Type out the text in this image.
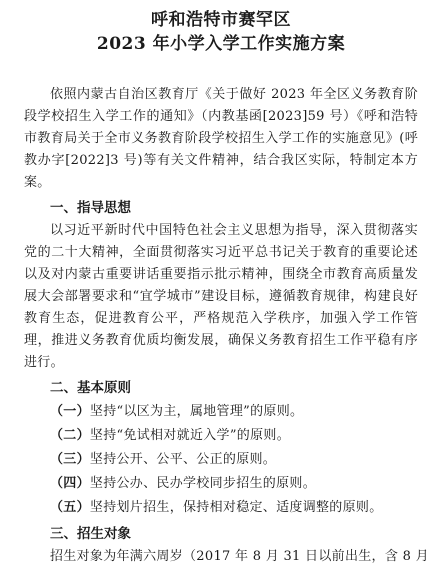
呼和浩特市赛罕区

2023 年小学入学工作实施方案

依照内蒙古自治区教育厅《关于做好 2023 年全区义务教育阶段学校招生入学工作的通知》（内教基函[2023]59 号）《呼和浩特市教育局关于全市义务教育阶段学校招生入学工作的实施意见》(呼教办字[2022]3 号)等有关文件精神，结合我区实际，特制定本方案。

一、指导思想

以习近平新时代中国特色社会主义思想为指导，深入贯彻落实党的二十大精神，全面贯彻落实习近平总书记关于教育的重要论述以及对内蒙古重要讲话重要指示批示精神，围绕全市教育高质量发展大会部署要求和“宜学城市”建设目标，遵循教育规律，构建良好教育生态，促进教育公平，严格规范入学秩序，加强入学工作管理，推进义务教育优质均衡发展，确保义务教育招生工作平稳有序进行。

二、基本原则

（一）坚持“以区为主，属地管理”的原则。

（二）坚持“免试相对就近入学”的原则。

（三）坚持公开、公平、公正的原则。

（四）坚持公办、民办学校同步招生的原则。

（五）坚持划片招生，保持相对稳定、适度调整的原则。

三、招生对象

招生对象为年满六周岁（2017 年 8 月 31 日以前出生，含 8 月
